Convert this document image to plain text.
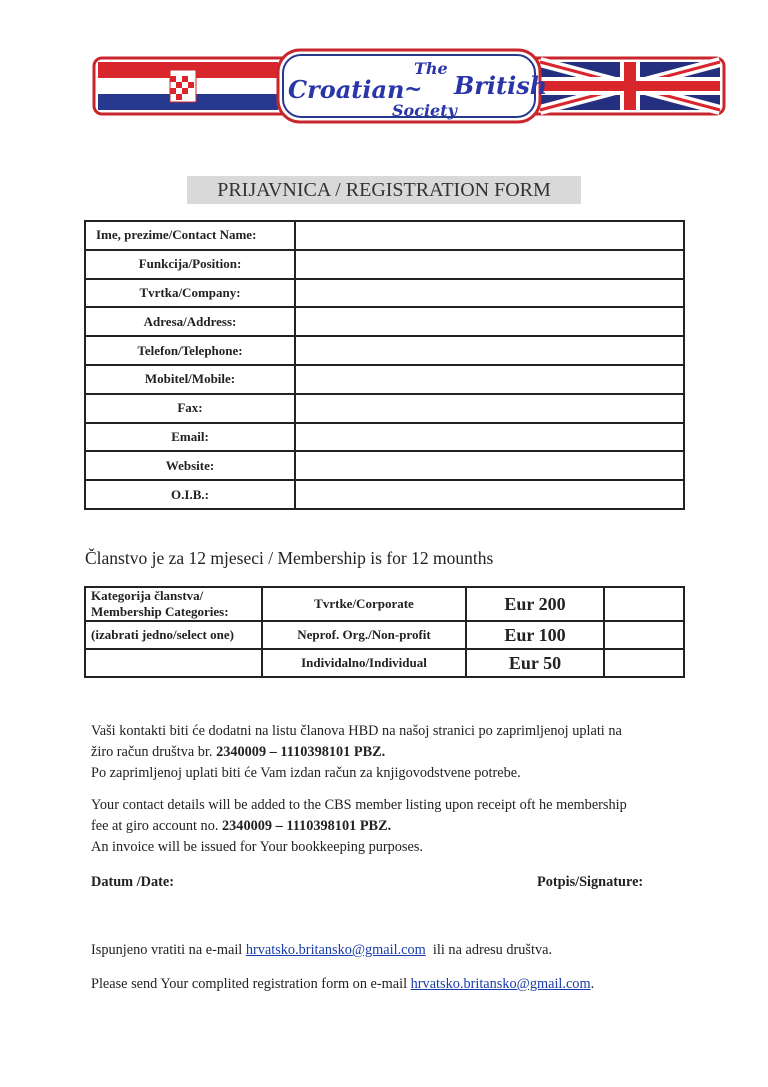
The
Croatian ~ British
Society
PRIJAVNICA / REGISTRATION FORM
Ime, prezime/Contact Name:	
Funkcija/Position:	
Tvrtka/Company:	
Adresa/Address:	
Telefon/Telephone:	
Mobitel/Mobile:	
Fax:	
Email:	
Website:	
O.I.B.:	
Članstvo je za 12 mjeseci / Membership is for 12 mounths
Kategorija članstva/ Membership Categories:	Tvrtke/Corporate	Eur 200	
(izabrati jedno/select one)	Neprof. Org./Non-profit	Eur 100	
	Individalno/Individual	Eur 50	
Vaši kontakti biti će dodatni na listu članova HBD na našoj stranici po zaprimljenoj uplati na
žiro račun društva br. 2340009 – 1110398101 PBZ.
Po zaprimljenoj uplati biti će Vam izdan račun za knjigovodstvene potrebe.
Your contact details will be added to the CBS member listing upon receipt oft he membership
fee at giro account no. 2340009 – 1110398101 PBZ.
An invoice will be issued for Your bookkeeping purposes.
Datum /Date:	Potpis/Signature:
Ispunjeno vratiti na e-mail hrvatsko.britansko@gmail.com  ili na adresu društva.
Please send Your complited registration form on e-mail hrvatsko.britansko@gmail.com.
